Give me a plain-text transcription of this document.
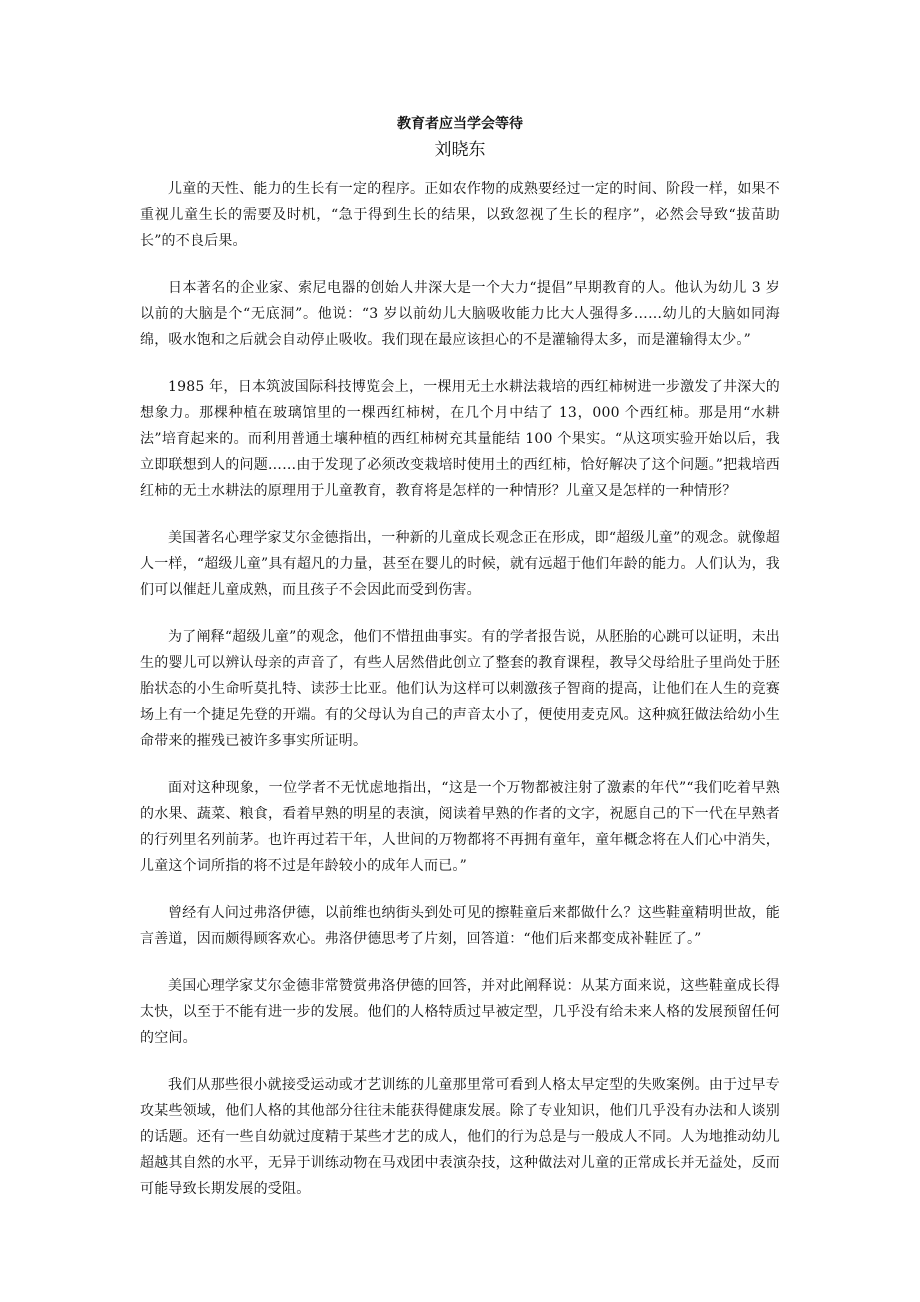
教育者应当学会等待
刘晓东

儿童的天性、能力的生长有一定的程序。正如农作物的成熟要经过一定的时间、阶段一样，如果不重视儿童生长的需要及时机，“急于得到生长的结果，以致忽视了生长的程序”，必然会导致“拔苗助长”的不良后果。

日本著名的企业家、索尼电器的创始人井深大是一个大力“提倡”早期教育的人。他认为幼儿 3 岁以前的大脑是个“无底洞”。他说：“3 岁以前幼儿大脑吸收能力比大人强得多……幼儿的大脑如同海绵，吸水饱和之后就会自动停止吸收。我们现在最应该担心的不是灌输得太多，而是灌输得太少。”

1985 年，日本筑波国际科技博览会上，一棵用无土水耕法栽培的西红柿树进一步激发了井深大的想象力。那棵种植在玻璃馆里的一棵西红柿树，在几个月中结了 13，000 个西红柿。那是用“水耕法”培育起来的。而利用普通土壤种植的西红柿树充其量能结 100 个果实。“从这项实验开始以后，我立即联想到人的问题……由于发现了必须改变栽培时使用土的西红柿，恰好解决了这个问题。”把栽培西红柿的无土水耕法的原理用于儿童教育，教育将是怎样的一种情形？儿童又是怎样的一种情形？

美国著名心理学家艾尔金德指出，一种新的儿童成长观念正在形成，即“超级儿童”的观念。就像超人一样，“超级儿童”具有超凡的力量，甚至在婴儿的时候，就有远超于他们年龄的能力。人们认为，我们可以催赶儿童成熟，而且孩子不会因此而受到伤害。

为了阐释“超级儿童”的观念，他们不惜扭曲事实。有的学者报告说，从胚胎的心跳可以证明，未出生的婴儿可以辨认母亲的声音了，有些人居然借此创立了整套的教育课程，教导父母给肚子里尚处于胚胎状态的小生命听莫扎特、读莎士比亚。他们认为这样可以刺激孩子智商的提高，让他们在人生的竞赛场上有一个捷足先登的开端。有的父母认为自己的声音太小了，便使用麦克风。这种疯狂做法给幼小生命带来的摧残已被许多事实所证明。

面对这种现象，一位学者不无忧虑地指出，“这是一个万物都被注射了激素的年代”“我们吃着早熟的水果、蔬菜、粮食，看着早熟的明星的表演，阅读着早熟的作者的文字，祝愿自己的下一代在早熟者的行列里名列前茅。也许再过若干年，人世间的万物都将不再拥有童年，童年概念将在人们心中消失，儿童这个词所指的将不过是年龄较小的成年人而已。”

曾经有人问过弗洛伊德，以前维也纳街头到处可见的擦鞋童后来都做什么？这些鞋童精明世故，能言善道，因而颇得顾客欢心。弗洛伊德思考了片刻，回答道：“他们后来都变成补鞋匠了。”

美国心理学家艾尔金德非常赞赏弗洛伊德的回答，并对此阐释说：从某方面来说，这些鞋童成长得太快，以至于不能有进一步的发展。他们的人格特质过早被定型，几乎没有给未来人格的发展预留任何的空间。

我们从那些很小就接受运动或才艺训练的儿童那里常可看到人格太早定型的失败案例。由于过早专攻某些领域，他们人格的其他部分往往未能获得健康发展。除了专业知识，他们几乎没有办法和人谈别的话题。还有一些自幼就过度精于某些才艺的成人，他们的行为总是与一般成人不同。人为地推动幼儿超越其自然的水平，无异于训练动物在马戏团中表演杂技，这种做法对儿童的正常成长并无益处，反而可能导致长期发展的受阻。
